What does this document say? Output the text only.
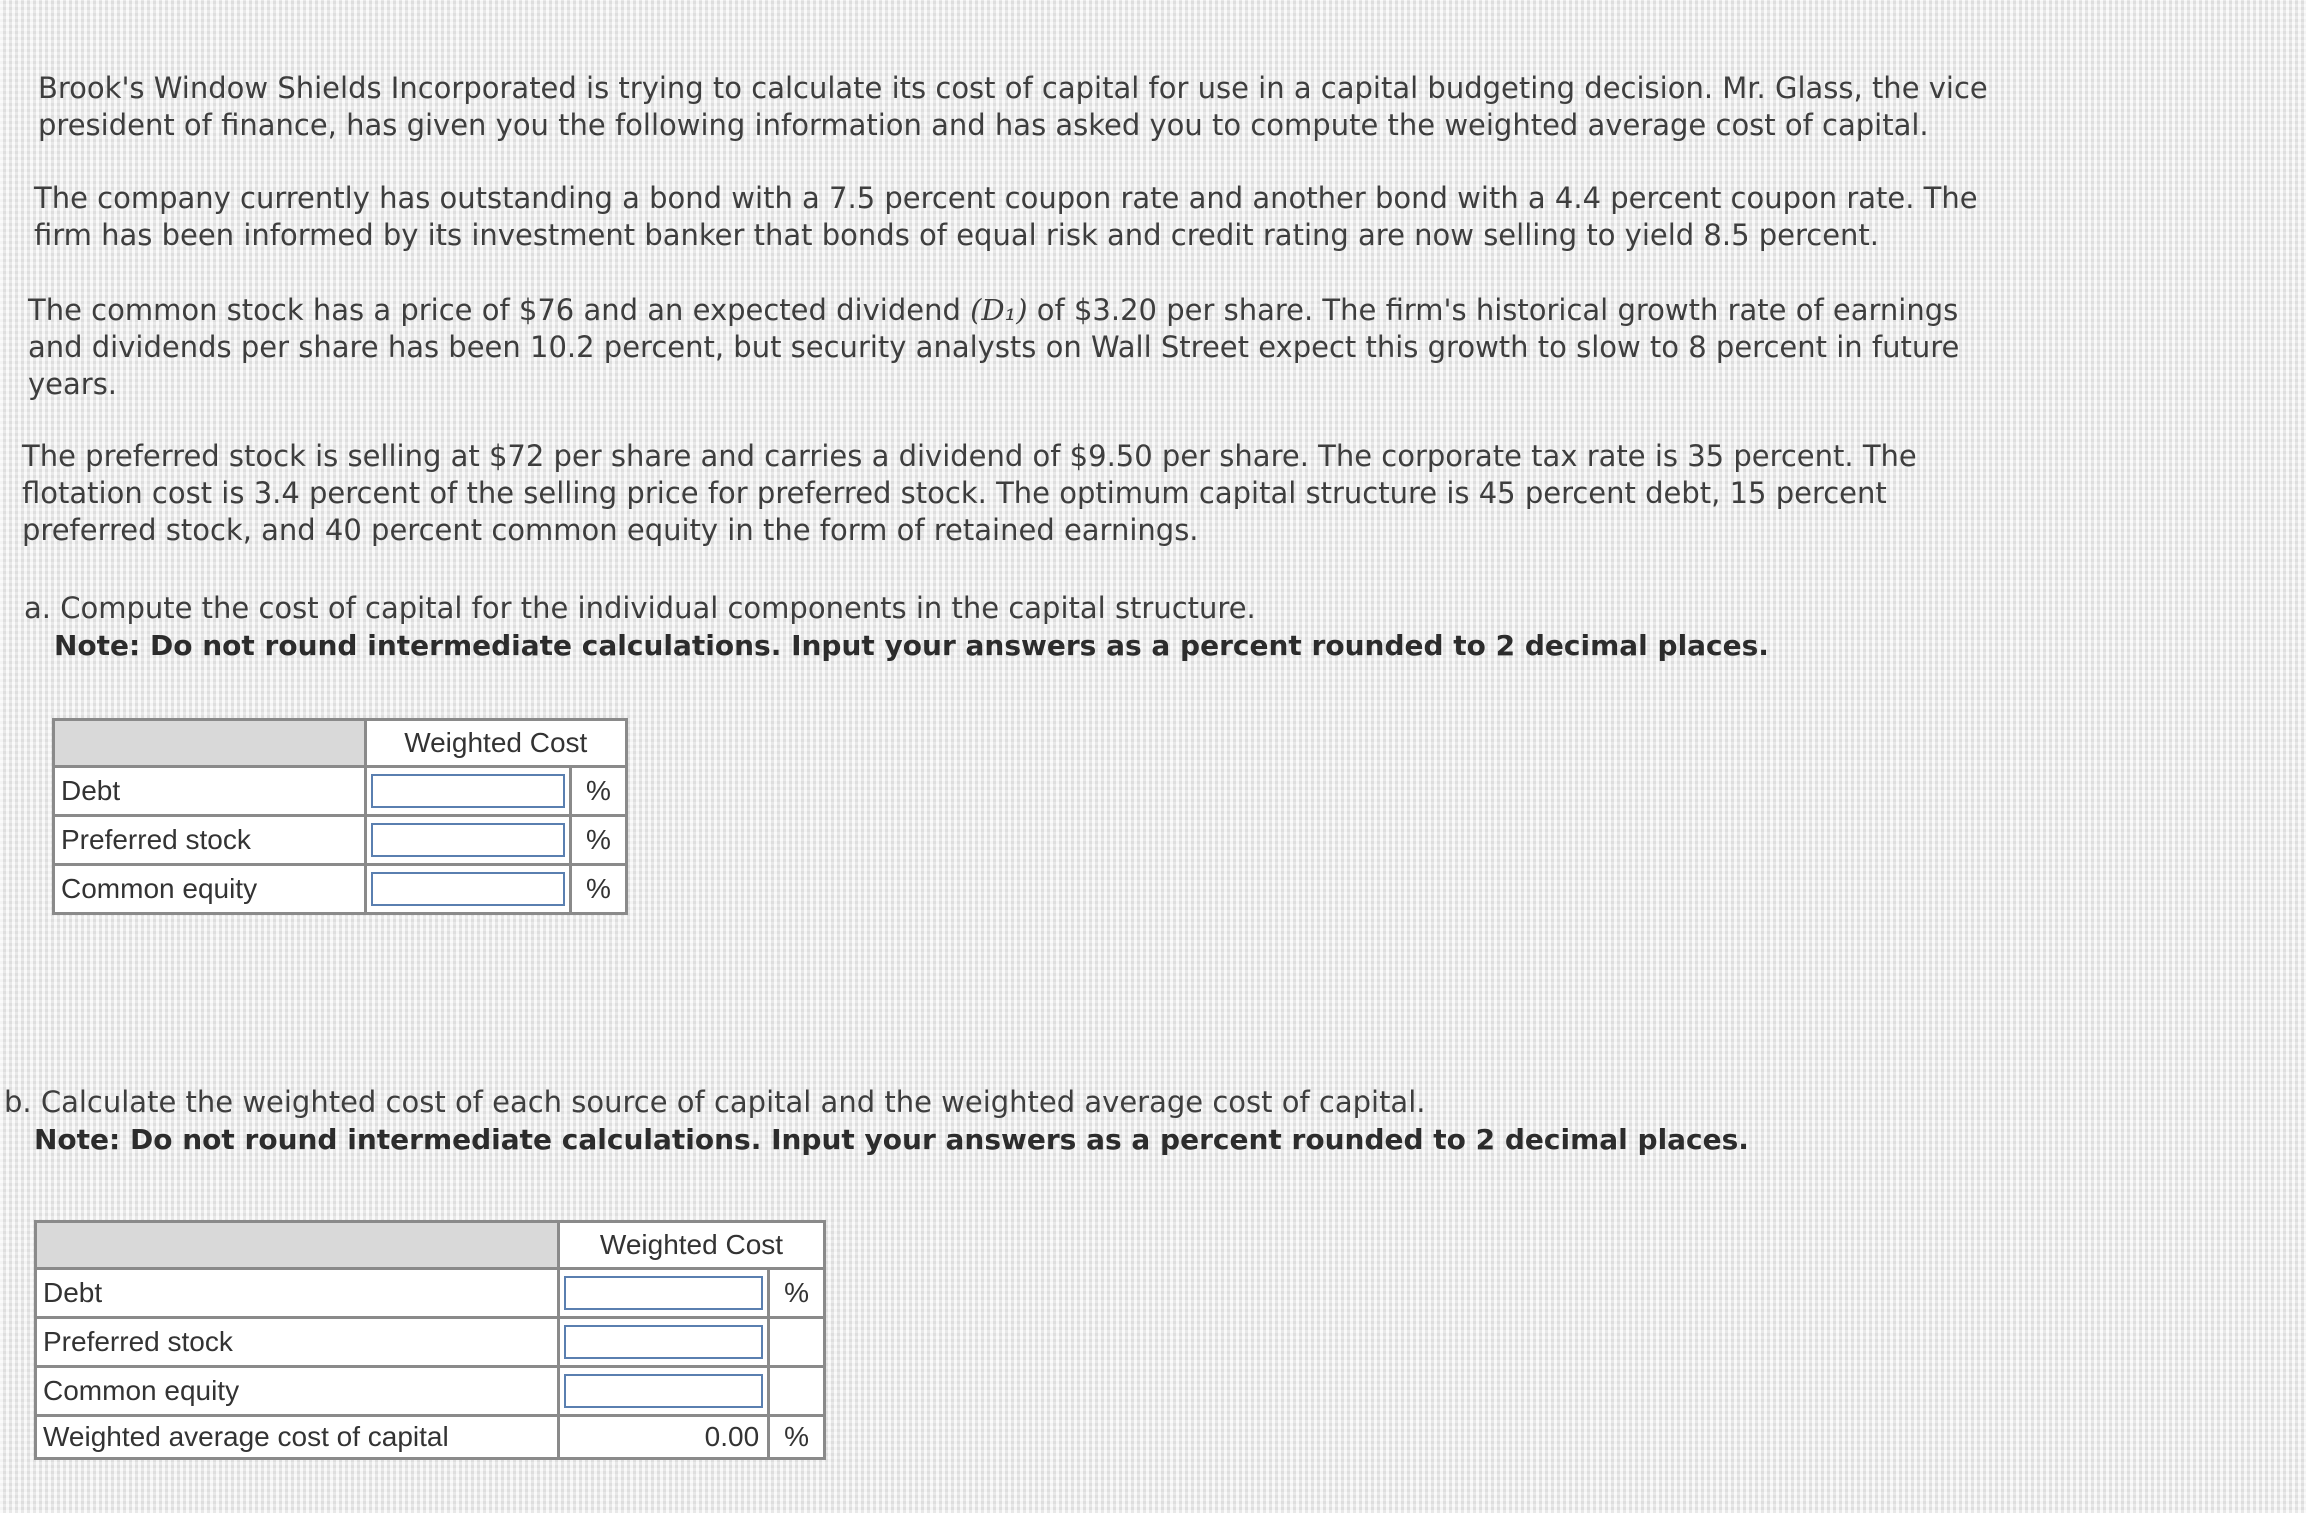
Brook's Window Shields Incorporated is trying to calculate its cost of capital for use in a capital budgeting decision. Mr. Glass, the vice
president of finance, has given you the following information and has asked you to compute the weighted average cost of capital.
The company currently has outstanding a bond with a 7.5 percent coupon rate and another bond with a 4.4 percent coupon rate. The
firm has been informed by its investment banker that bonds of equal risk and credit rating are now selling to yield 8.5 percent.
The common stock has a price of $76 and an expected dividend (D₁) of $3.20 per share. The firm's historical growth rate of earnings
and dividends per share has been 10.2 percent, but security analysts on Wall Street expect this growth to slow to 8 percent in future
years.
The preferred stock is selling at $72 per share and carries a dividend of $9.50 per share. The corporate tax rate is 35 percent. The
flotation cost is 3.4 percent of the selling price for preferred stock. The optimum capital structure is 45 percent debt, 15 percent
preferred stock, and 40 percent common equity in the form of retained earnings.
a. Compute the cost of capital for the individual components in the capital structure.
Note: Do not round intermediate calculations. Input your answers as a percent rounded to 2 decimal places.
	Weighted Cost	
Debt		%
Preferred stock		%
Common equity		%
b. Calculate the weighted cost of each source of capital and the weighted average cost of capital.
Note: Do not round intermediate calculations. Input your answers as a percent rounded to 2 decimal places.
	Weighted Cost	
Debt		%
Preferred stock	

Common equity	

Weighted average cost of capital	0.00	%
